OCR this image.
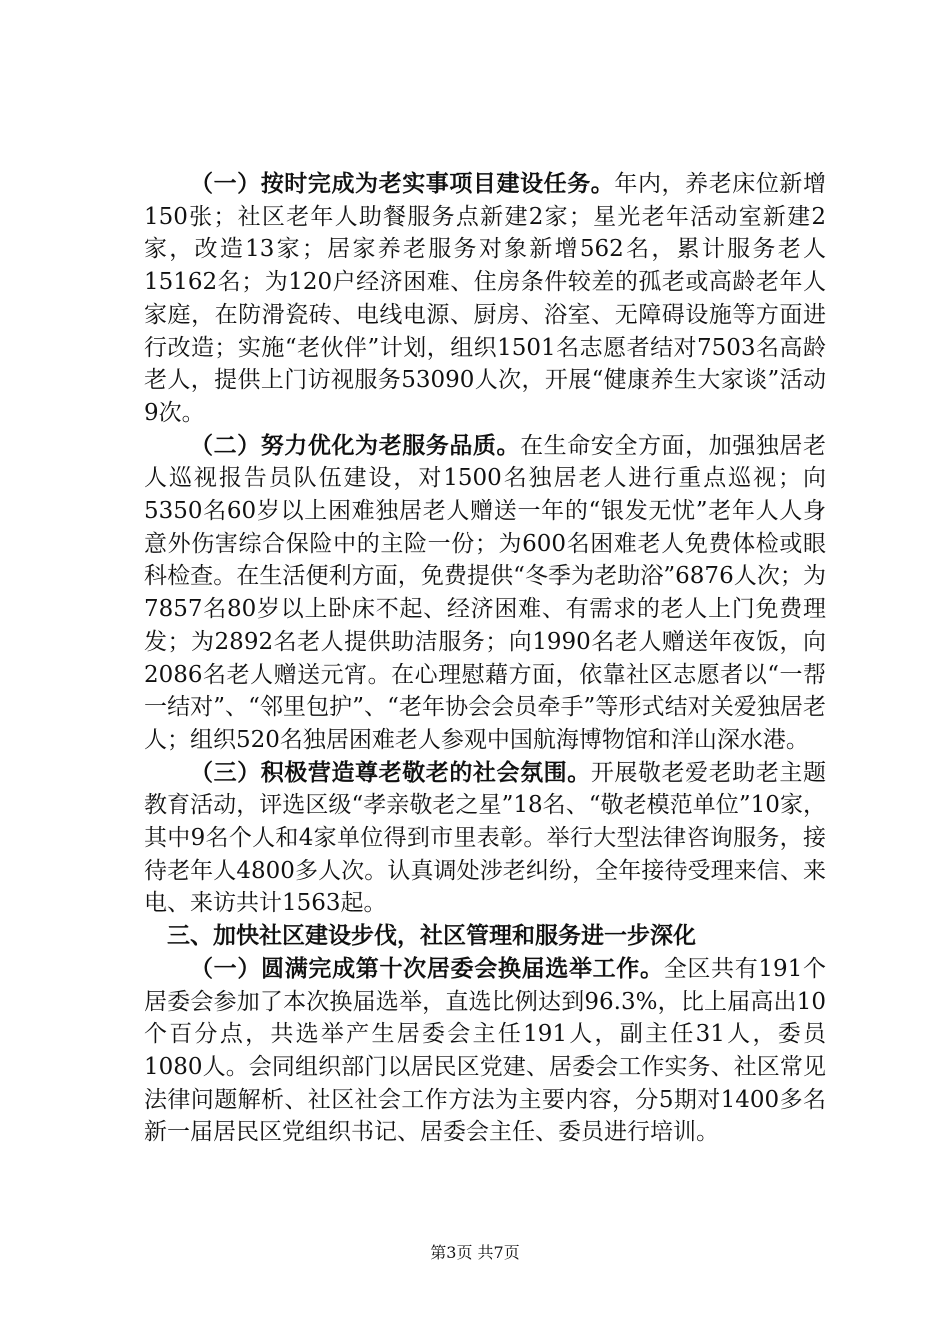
（一）按时完成为老实事项目建设任务。年内，养老床位新增150张；社区老年人助餐服务点新建2家；星光老年活动室新建2家，改造13家；居家养老服务对象新增562名，累计服务老人15162名；为120户经济困难、住房条件较差的孤老或高龄老年人家庭，在防滑瓷砖、电线电源、厨房、浴室、无障碍设施等方面进行改造；实施“老伙伴”计划，组织1501名志愿者结对7503名高龄老人，提供上门访视服务53090人次，开展“健康养生大家谈”活动9次。

（二）努力优化为老服务品质。在生命安全方面，加强独居老人巡视报告员队伍建设，对1500名独居老人进行重点巡视；向5350名60岁以上困难独居老人赠送一年的“银发无忧”老年人人身意外伤害综合保险中的主险一份；为600名困难老人免费体检或眼科检查。在生活便利方面，免费提供“冬季为老助浴”6876人次；为7857名80岁以上卧床不起、经济困难、有需求的老人上门免费理发；为2892名老人提供助洁服务；向1990名老人赠送年夜饭，向2086名老人赠送元宵。在心理慰藉方面，依靠社区志愿者以“一帮一结对”、“邻里包护”、“老年协会会员牵手”等形式结对关爱独居老人；组织520名独居困难老人参观中国航海博物馆和洋山深水港。

（三）积极营造尊老敬老的社会氛围。开展敬老爱老助老主题教育活动，评选区级“孝亲敬老之星”18名、“敬老模范单位”10家，其中9名个人和4家单位得到市里表彰。举行大型法律咨询服务，接待老年人4800多人次。认真调处涉老纠纷，全年接待受理来信、来电、来访共计1563起。

三、加快社区建设步伐，社区管理和服务进一步深化

（一）圆满完成第十次居委会换届选举工作。全区共有191个居委会参加了本次换届选举，直选比例达到96.3%，比上届高出10个百分点，共选举产生居委会主任191人，副主任31人，委员1080人。会同组织部门以居民区党建、居委会工作实务、社区常见法律问题解析、社区社会工作方法为主要内容，分5期对1400多名新一届居民区党组织书记、居委会主任、委员进行培训。

第3页 共7页
